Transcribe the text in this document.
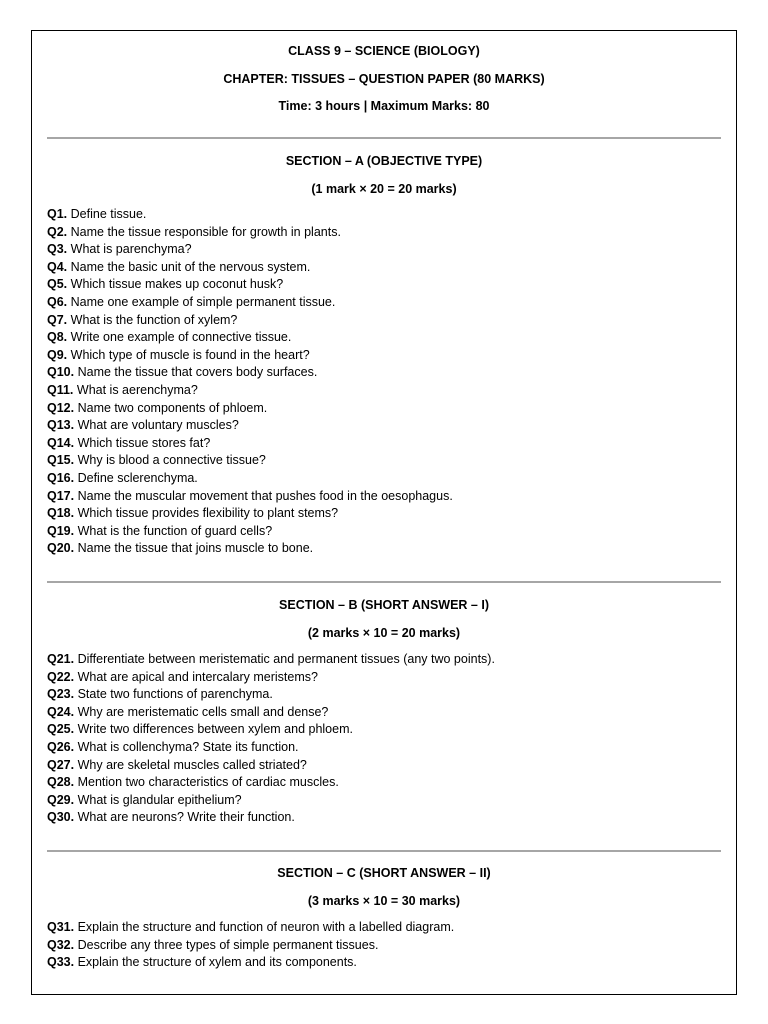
CLASS 9 – SCIENCE (BIOLOGY)
CHAPTER: TISSUES – QUESTION PAPER (80 MARKS)
Time: 3 hours | Maximum Marks: 80
SECTION – A (OBJECTIVE TYPE)
(1 mark × 20 = 20 marks)
Q1. Define tissue.
Q2. Name the tissue responsible for growth in plants.
Q3. What is parenchyma?
Q4. Name the basic unit of the nervous system.
Q5. Which tissue makes up coconut husk?
Q6. Name one example of simple permanent tissue.
Q7. What is the function of xylem?
Q8. Write one example of connective tissue.
Q9. Which type of muscle is found in the heart?
Q10. Name the tissue that covers body surfaces.
Q11. What is aerenchyma?
Q12. Name two components of phloem.
Q13. What are voluntary muscles?
Q14. Which tissue stores fat?
Q15. Why is blood a connective tissue?
Q16. Define sclerenchyma.
Q17. Name the muscular movement that pushes food in the oesophagus.
Q18. Which tissue provides flexibility to plant stems?
Q19. What is the function of guard cells?
Q20. Name the tissue that joins muscle to bone.
SECTION – B (SHORT ANSWER – I)
(2 marks × 10 = 20 marks)
Q21. Differentiate between meristematic and permanent tissues (any two points).
Q22. What are apical and intercalary meristems?
Q23. State two functions of parenchyma.
Q24. Why are meristematic cells small and dense?
Q25. Write two differences between xylem and phloem.
Q26. What is collenchyma? State its function.
Q27. Why are skeletal muscles called striated?
Q28. Mention two characteristics of cardiac muscles.
Q29. What is glandular epithelium?
Q30. What are neurons? Write their function.
SECTION – C (SHORT ANSWER – II)
(3 marks × 10 = 30 marks)
Q31. Explain the structure and function of neuron with a labelled diagram.
Q32. Describe any three types of simple permanent tissues.
Q33. Explain the structure of xylem and its components.
